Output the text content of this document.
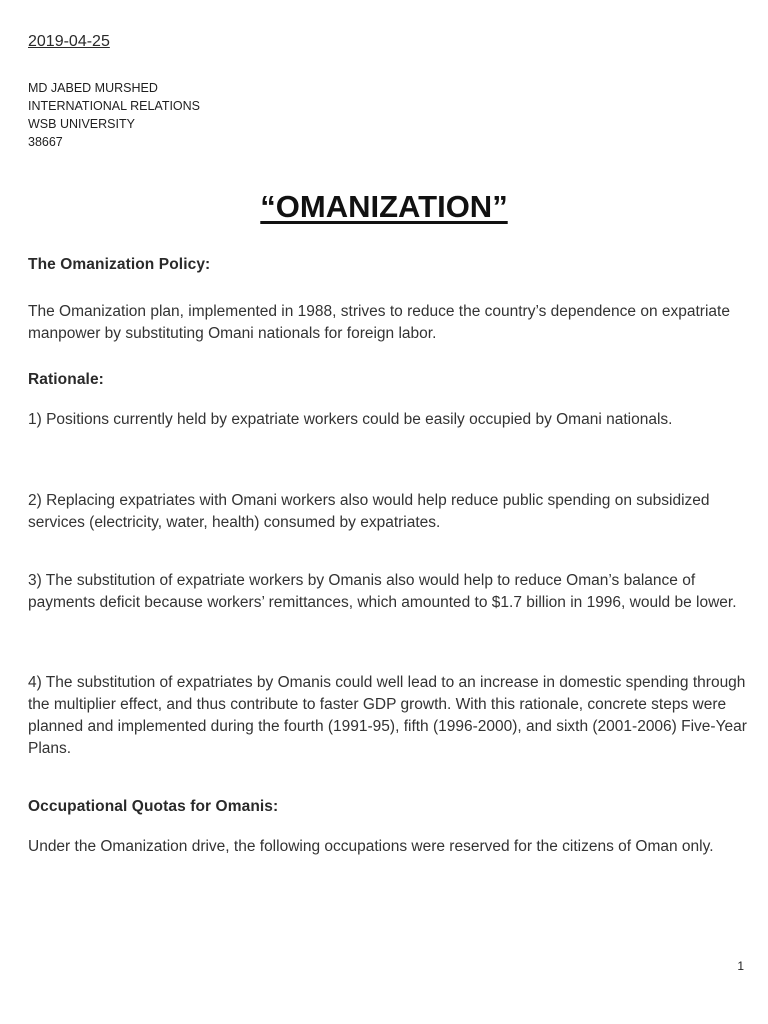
2019-04-25
MD JABED MURSHED
INTERNATIONAL RELATIONS
WSB UNIVERSITY
38667
“OMANIZATION”
The Omanization Policy:
The Omanization plan, implemented in 1988, strives to reduce the country’s dependence on expatriate manpower by substituting Omani nationals for foreign labor.
Rationale:
1) Positions currently held by expatriate workers could be easily occupied by Omani nationals.
2) Replacing expatriates with Omani workers also would help reduce public spending on subsidized services (electricity, water, health) consumed by expatriates.
3) The substitution of expatriate workers by Omanis also would help to reduce Oman’s balance of payments deficit because workers’ remittances, which amounted to $1.7 billion in 1996, would be lower.
4) The substitution of expatriates by Omanis could well lead to an increase in domestic spending through the multiplier effect, and thus contribute to faster GDP growth. With this rationale, concrete steps were planned and implemented during the fourth (1991-95), fifth (1996-2000), and sixth (2001-2006) Five-Year Plans.
Occupational Quotas for Omanis:
Under the Omanization drive, the following occupations were reserved for the citizens of Oman only.
1
